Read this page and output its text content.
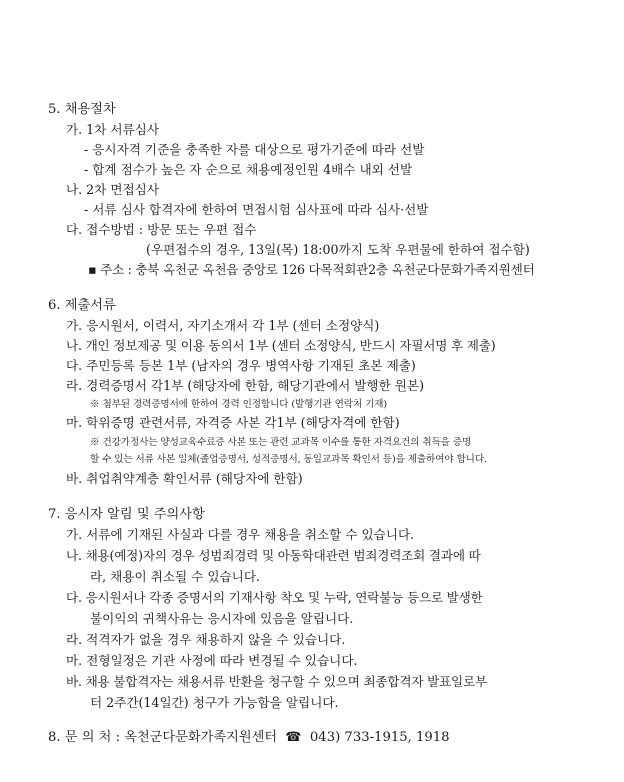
5. 채용절차
가. 1차 서류심사
- 응시자격 기준을 충족한 자를 대상으로 평가기준에 따라 선발
- 합계 점수가 높은 자 순으로 채용예정인원 4배수 내외 선발
나. 2차 면접심사
- 서류 심사 합격자에 한하여 면접시험 심사표에 따라 심사·선발
다. 접수방법 : 방문 또는 우편 접수
(우편접수의 경우, 13일(목) 18:00까지 도착 우편물에 한하여 접수함)
▪ 주소 : 충북 옥천군 옥천읍 중앙로 126 다목적회관2층 옥천군다문화가족지원센터
6. 제출서류
가. 응시원서, 이력서, 자기소개서 각 1부 (센터 소정양식)
나. 개인 정보제공 및 이용 동의서 1부 (센터 소정양식, 반드시 자필서명 후 제출)
다. 주민등록 등본 1부 (남자의 경우 병역사항 기재된 초본 제출)
라. 경력증명서 각1부 (해당자에 한함, 해당기관에서 발행한 원본)
※ 첨부된 경력증명서에 한하여 경력 인정합니다 (발행기관 연락처 기재)
마. 학위증명 관련서류, 자격증 사본 각1부 (해당자격에 한함)
※ 건강가정사는 양성교육수료증 사본 또는 관련 교과목 이수를 통한 자격요건의 취득을 증명
할 수 있는 서류 사본 일체(졸업증명서, 성적증명서, 동일교과목 확인서 등)을 제출하여야 합니다.
바. 취업취약계층 확인서류 (해당자에 한함)
7. 응시자 알림 및 주의사항
가. 서류에 기재된 사실과 다를 경우 채용을 취소할 수 있습니다.
나. 채용(예정)자의 경우 성범죄경력 및 아동학대관련 범죄경력조회 결과에 따
라, 채용이 취소될 수 있습니다.
다. 응시원서나 각종 증명서의 기재사항 착오 및 누락, 연락불능 등으로 발생한
불이익의 귀책사유는 응시자에 있음을 알립니다.
라. 적격자가 없을 경우 채용하지 않을 수 있습니다.
마. 전형일정은 기관 사정에 따라 변경될 수 있습니다.
바. 채용 불합격자는 채용서류 반환을 청구할 수 있으며 최종합격자 발표일로부
터 2주간(14일간) 청구가 가능함을 알립니다.
8. 문 의 처 : 옥천군다문화가족지원센터 ☎ 043) 733-1915, 1918
